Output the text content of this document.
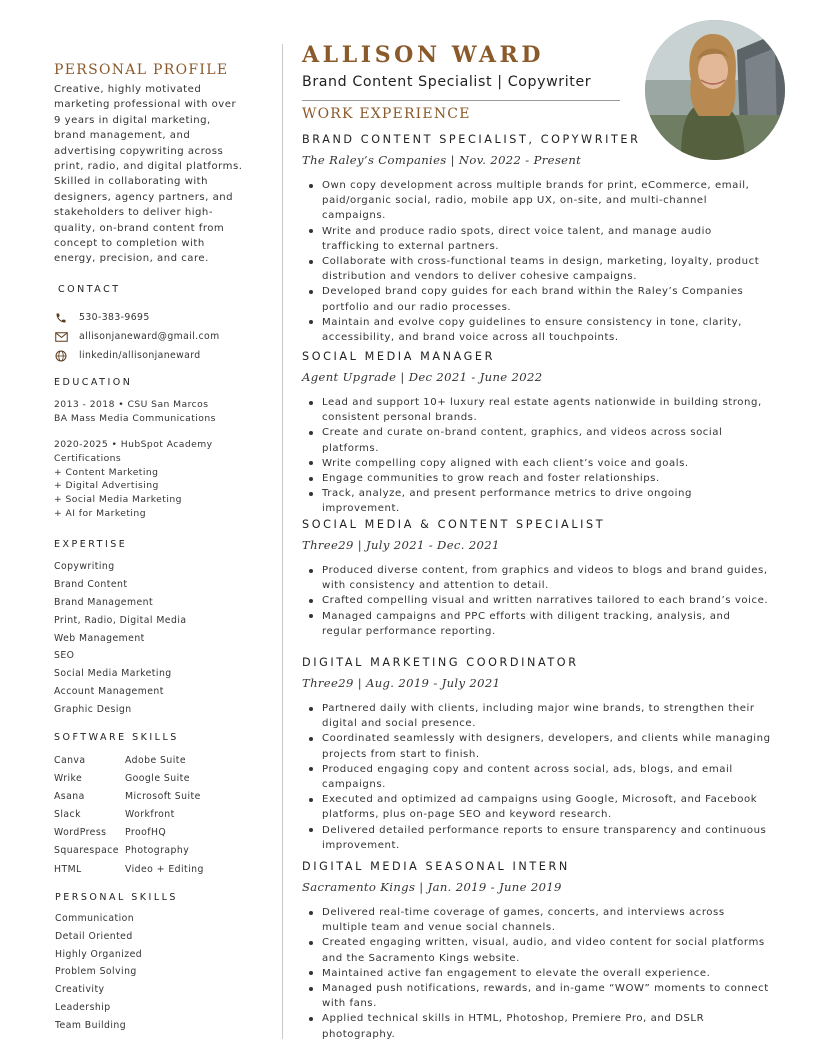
PERSONAL PROFILE

Creative, highly motivated
marketing professional with over
9 years in digital marketing,
brand management, and
advertising copywriting across
print, radio, and digital platforms.
Skilled in collaborating with
designers, agency partners, and
stakeholders to deliver high-
quality, on-brand content from
concept to completion with
energy, precision, and care.

CONTACT
530-383-9695
allisonjaneward@gmail.com
linkedin/allisonjaneward
EDUCATION
2013 - 2018 • CSU San Marcos
BA Mass Media Communications
2020-2025 • HubSpot Academy
Certifications
+ Content Marketing
+ Digital Advertising
+ Social Media Marketing
+ AI for Marketing
EXPERTISE
Copywriting
Brand Content
Brand Management
Print, Radio, Digital Media
Web Management
SEO
Social Media Marketing
Account Management
Graphic Design
SOFTWARE SKILLS
Canva	Adobe Suite
Wrike	Google Suite
Asana	Microsoft Suite
Slack	Workfront
WordPress ProofHQ
Squarespace Photography
HTML	Video + Editing
PERSONAL SKILLS
Communication
Detail Oriented
Highly Organized
Problem Solving
Creativity
Leadership
Team Building
ALLISON WARD
Brand Content Specialist | Copywriter
WORK EXPERIENCE
BRAND CONTENT SPECIALIST, COPYWRITER
The Raley’s Companies | Nov. 2022 - Present
Own copy development across multiple brands for print, eCommerce, email, paid/organic social, radio, mobile app UX, on-site, and multi-channel campaigns.
Write and produce radio spots, direct voice talent, and manage audio trafficking to external partners.
Collaborate with cross-functional teams in design, marketing, loyalty, product distribution and vendors to deliver cohesive campaigns.
Developed brand copy guides for each brand within the Raley’s Companies portfolio and our radio processes.
Maintain and evolve copy guidelines to ensure consistency in tone, clarity, accessibility, and brand voice across all touchpoints.
SOCIAL MEDIA MANAGER
Agent Upgrade | Dec 2021 - June 2022
Lead and support 10+ luxury real estate agents nationwide in building strong, consistent personal brands.
Create and curate on-brand content, graphics, and videos across social platforms.
Write compelling copy aligned with each client’s voice and goals.
Engage communities to grow reach and foster relationships.
Track, analyze, and present performance metrics to drive ongoing improvement.
SOCIAL MEDIA & CONTENT SPECIALIST
Three29 | July 2021 - Dec. 2021
Produced diverse content, from graphics and videos to blogs and brand guides, with consistency and attention to detail.
Crafted compelling visual and written narratives tailored to each brand’s voice.
Managed campaigns and PPC efforts with diligent tracking, analysis, and regular performance reporting.
DIGITAL MARKETING COORDINATOR
Three29 | Aug. 2019 - July 2021
Partnered daily with clients, including major wine brands, to strengthen their digital and social presence.
Coordinated seamlessly with designers, developers, and clients while managing projects from start to finish.
Produced engaging copy and content across social, ads, blogs, and email campaigns.
Executed and optimized ad campaigns using Google, Microsoft, and Facebook platforms, plus on-page SEO and keyword research.
Delivered detailed performance reports to ensure transparency and continuous improvement.
DIGITAL MEDIA SEASONAL INTERN
Sacramento Kings | Jan. 2019 - June 2019
Delivered real-time coverage of games, concerts, and interviews across multiple team and venue social channels.
Created engaging written, visual, audio, and video content for social platforms and the Sacramento Kings website.
Maintained active fan engagement to elevate the overall experience.
Managed push notifications, rewards, and in-game “WOW” moments to connect with fans.
Applied technical skills in HTML, Photoshop, Premiere Pro, and DSLR photography.
